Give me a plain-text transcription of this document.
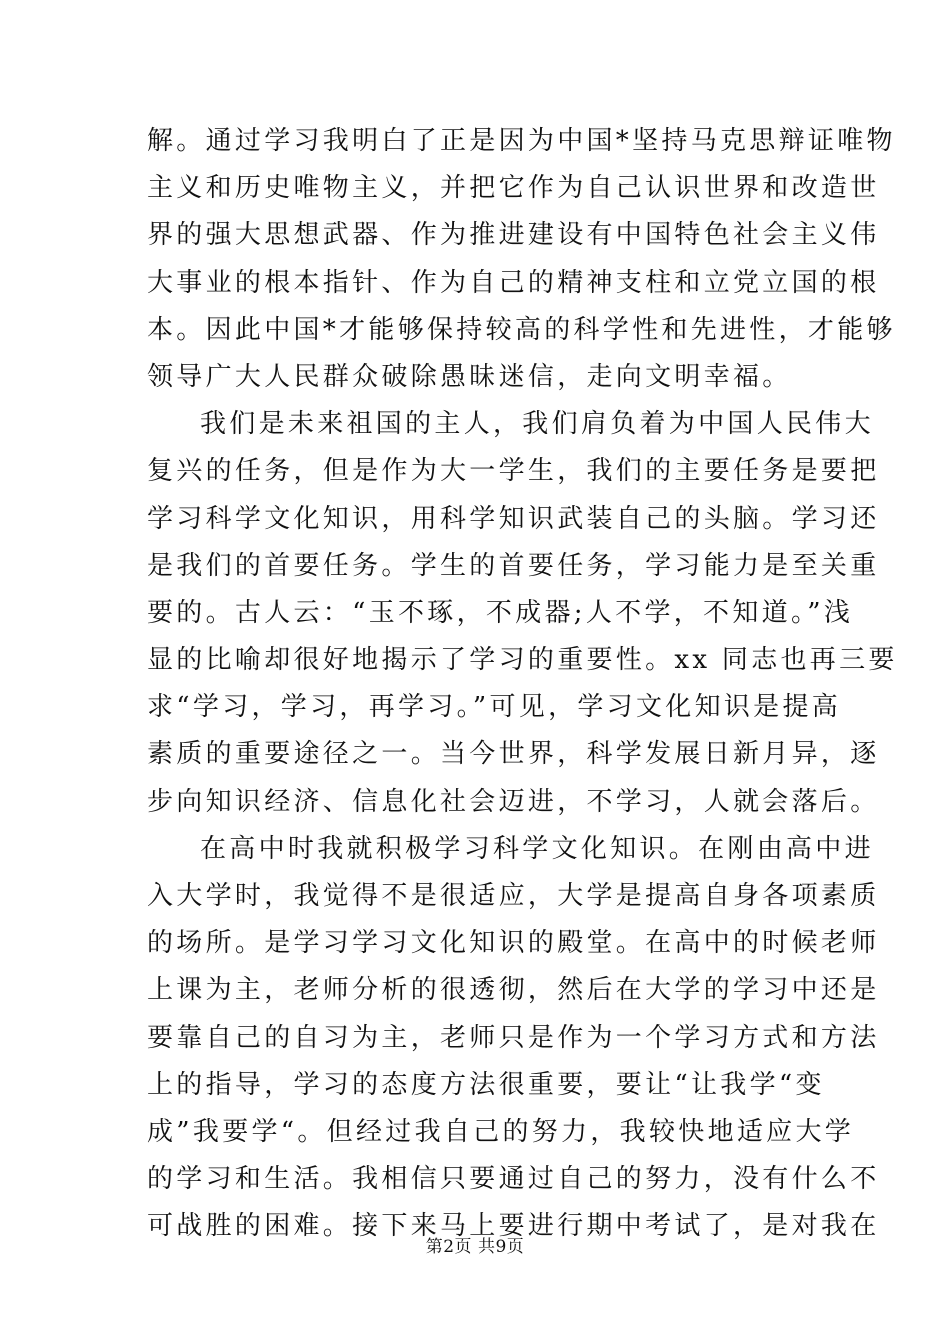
解。通过学习我明白了正是因为中国*坚持马克思辩证唯物
主义和历史唯物主义，并把它作为自己认识世界和改造世
界的强大思想武器、作为推进建设有中国特色社会主义伟
大事业的根本指针、作为自己的精神支柱和立党立国的根
本。因此中国*才能够保持较高的科学性和先进性，才能够
领导广大人民群众破除愚昧迷信，走向文明幸福。
我们是未来祖国的主人，我们肩负着为中国人民伟大
复兴的任务，但是作为大一学生，我们的主要任务是要把
学习科学文化知识，用科学知识武装自己的头脑。学习还
是我们的首要任务。学生的首要任务，学习能力是至关重
要的。古人云：“玉不琢，不成器;人不学，不知道。”浅
显的比喻却很好地揭示了学习的重要性。xx 同志也再三要
求“学习，学习，再学习。”可见，学习文化知识是提高
素质的重要途径之一。当今世界，科学发展日新月异，逐
步向知识经济、信息化社会迈进，不学习，人就会落后。
在高中时我就积极学习科学文化知识。在刚由高中进
入大学时，我觉得不是很适应，大学是提高自身各项素质
的场所。是学习学习文化知识的殿堂。在高中的时候老师
上课为主，老师分析的很透彻，然后在大学的学习中还是
要靠自己的自习为主，老师只是作为一个学习方式和方法
上的指导，学习的态度方法很重要，要让“让我学“变
成”我要学“。但经过我自己的努力，我较快地适应大学
的学习和生活。我相信只要通过自己的努力，没有什么不
可战胜的困难。接下来马上要进行期中考试了，是对我在
第2页 共9页
